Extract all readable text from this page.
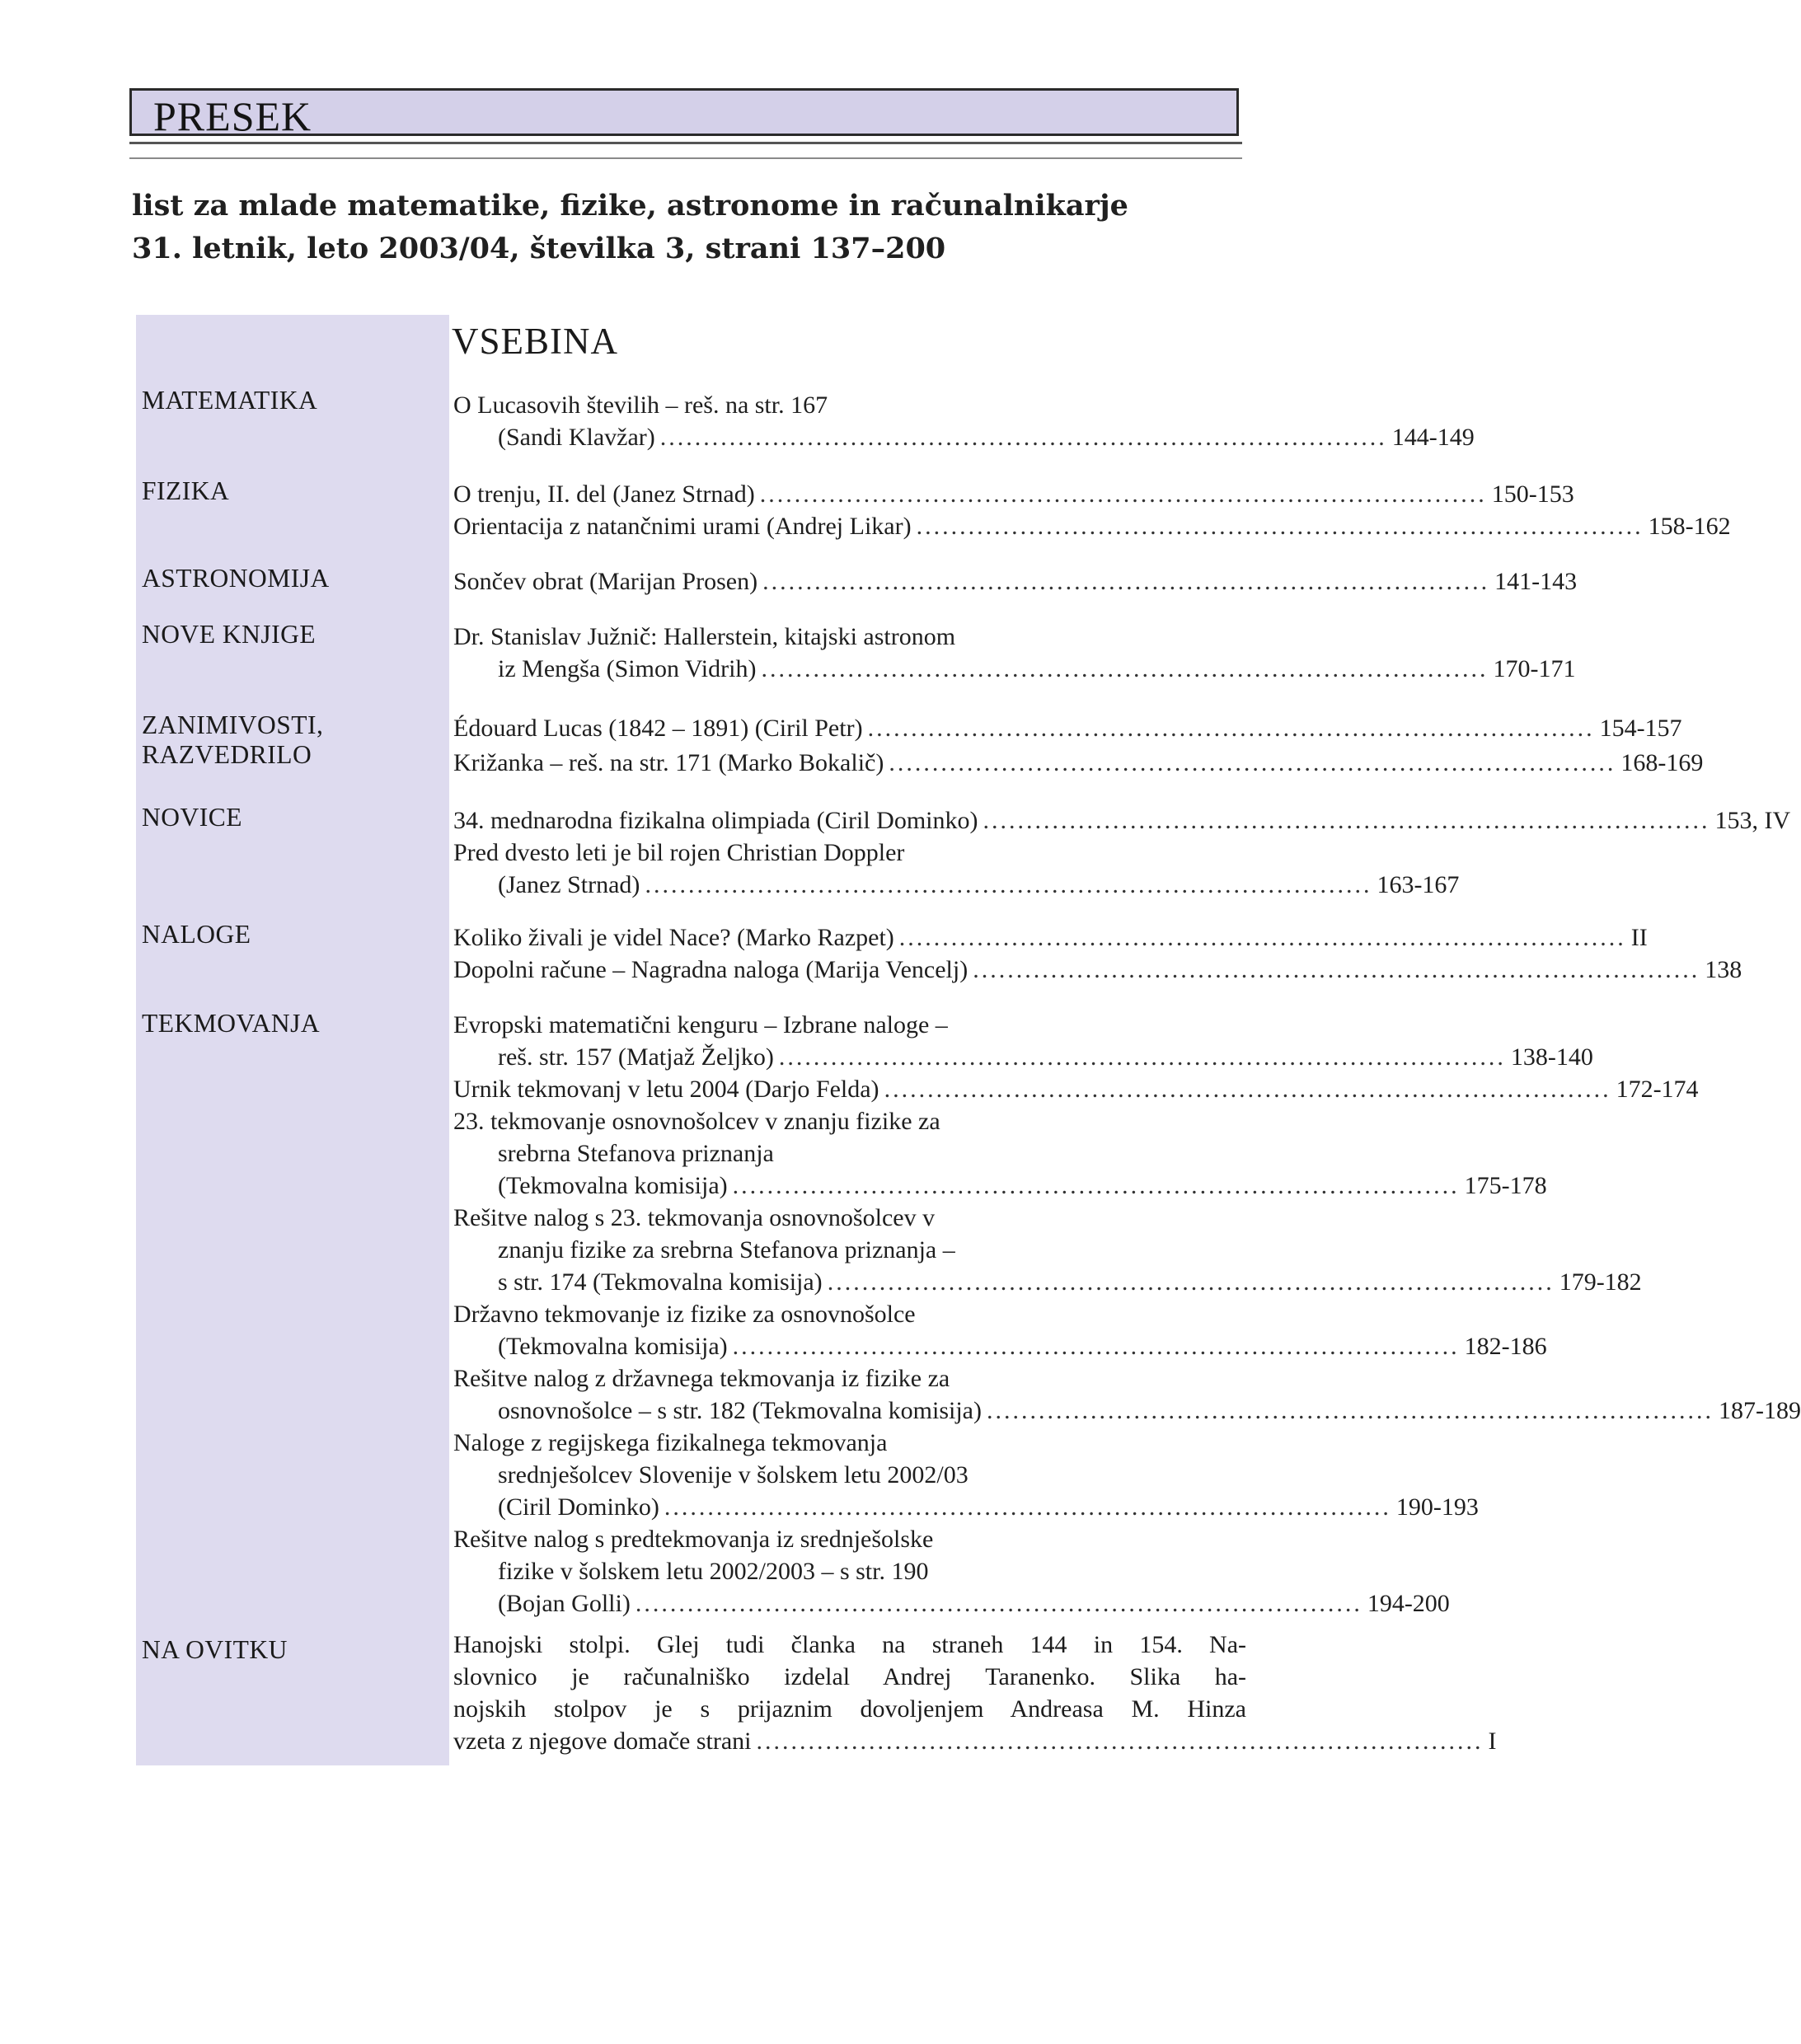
PRESEK
list za mlade matematike, fizike, astronome in računalnikarje
31. letnik, leto 2003/04, številka 3, strani 137–200
VSEBINA
MATEMATIKA
FIZIKA
ASTRONOMIJA
NOVE KNJIGE
ZANIMIVOSTI,
RAZVEDRILO
NOVICE
NALOGE
TEKMOVANJA
NA OVITKU
O Lucasovih številih – reš. na str. 167
(Sandi Klavžar) .................................................................................... 144-149
O trenju, II. del (Janez Strnad) .................................................................................... 150-153
Orientacija z natančnimi urami (Andrej Likar) .................................................................................... 158-162
Sončev obrat (Marijan Prosen) .................................................................................... 141-143
Dr. Stanislav Južnič: Hallerstein, kitajski astronom
iz Mengša (Simon Vidrih) .................................................................................... 170-171
Édouard Lucas (1842 – 1891) (Ciril Petr) .................................................................................... 154-157
Križanka – reš. na str. 171 (Marko Bokalič) .................................................................................... 168-169
34. mednarodna fizikalna olimpiada (Ciril Dominko) .................................................................................... 153, IV
Pred dvesto leti je bil rojen Christian Doppler
(Janez Strnad) .................................................................................... 163-167
Koliko živali je videl Nace? (Marko Razpet) .................................................................................... II
Dopolni račune – Nagradna naloga (Marija Vencelj) .................................................................................... 138
Evropski matematični kenguru – Izbrane naloge –
reš. str. 157 (Matjaž Željko) .................................................................................... 138-140
Urnik tekmovanj v letu 2004 (Darjo Felda) .................................................................................... 172-174
23. tekmovanje osnovnošolcev v znanju fizike za
srebrna Stefanova priznanja
(Tekmovalna komisija) .................................................................................... 175-178
Rešitve nalog s 23. tekmovanja osnovnošolcev v
znanju fizike za srebrna Stefanova priznanja –
s str. 174 (Tekmovalna komisija) .................................................................................... 179-182
Državno tekmovanje iz fizike za osnovnošolce
(Tekmovalna komisija) .................................................................................... 182-186
Rešitve nalog z državnega tekmovanja iz fizike za
osnovnošolce – s str. 182 (Tekmovalna komisija) .................................................................................... 187-189
Naloge z regijskega fizikalnega tekmovanja
srednješolcev Slovenije v šolskem letu 2002/03
(Ciril Dominko) .................................................................................... 190-193
Rešitve nalog s predtekmovanja iz srednješolske
fizike v šolskem letu 2002/2003 – s str. 190
(Bojan Golli) .................................................................................... 194-200
Hanojski stolpi. Glej tudi članka na straneh 144 in 154. Na-
slovnico je računalniško izdelal Andrej Taranenko. Slika ha-
nojskih stolpov je s prijaznim dovoljenjem Andreasa M. Hinza
vzeta z njegove domače strani .................................................................................... I
